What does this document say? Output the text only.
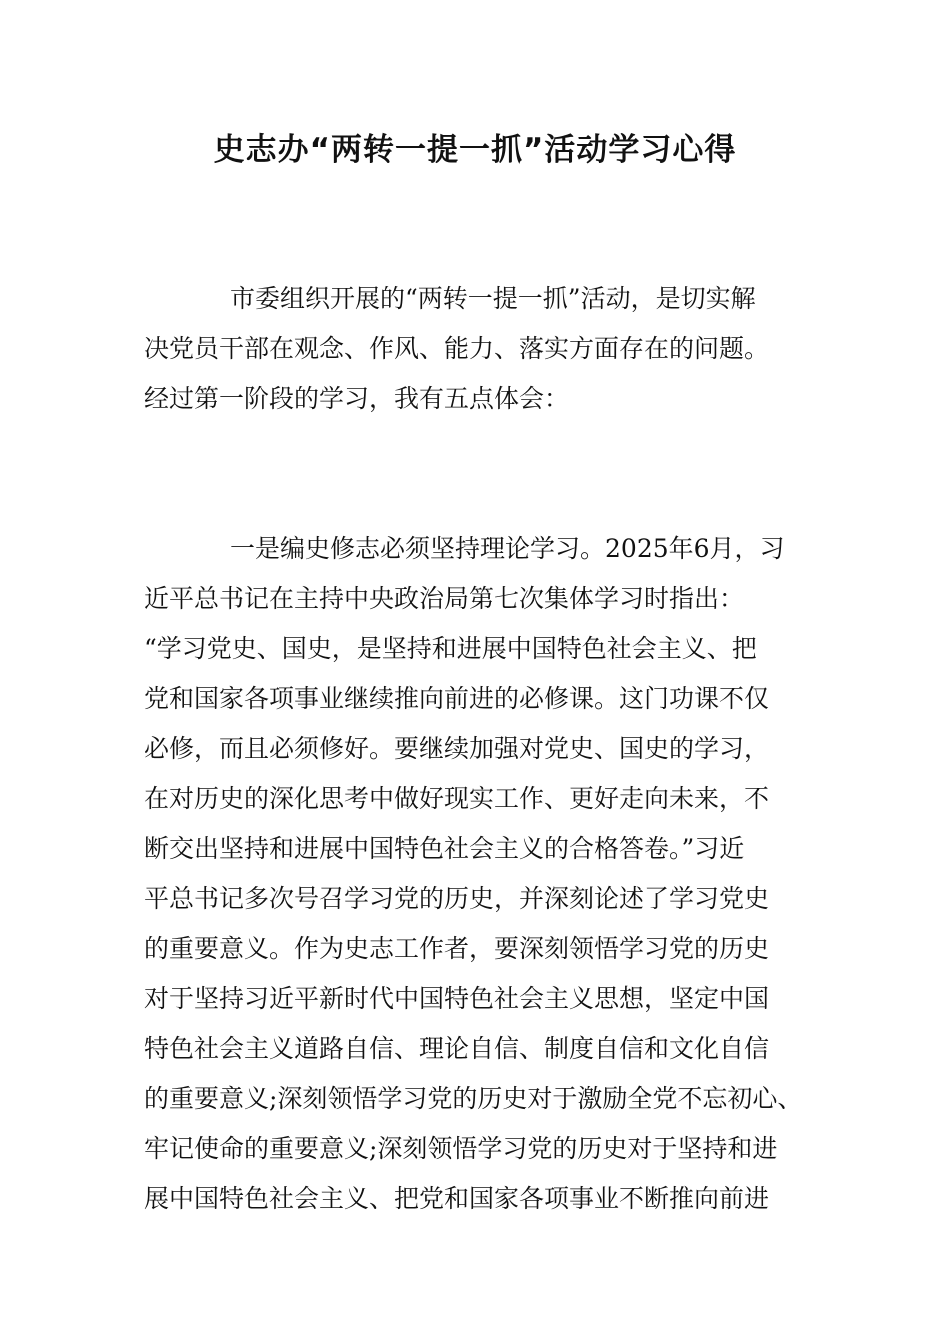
史志办“两转一提一抓”活动学习心得
市委组织开展的“两转一提一抓”活动，是切实解
决党员干部在观念、作风、能力、落实方面存在的问题。
经过第一阶段的学习，我有五点体会：
一是编史修志必须坚持理论学习。2025年6月，习
近平总书记在主持中央政治局第七次集体学习时指出：
“学习党史、国史，是坚持和进展中国特色社会主义、把
党和国家各项事业继续推向前进的必修课。这门功课不仅
必修，而且必须修好。要继续加强对党史、国史的学习，
在对历史的深化思考中做好现实工作、更好走向未来，不
断交出坚持和进展中国特色社会主义的合格答卷。”习近
平总书记多次号召学习党的历史，并深刻论述了学习党史
的重要意义。作为史志工作者，要深刻领悟学习党的历史
对于坚持习近平新时代中国特色社会主义思想，坚定中国
特色社会主义道路自信、理论自信、制度自信和文化自信
的重要意义;深刻领悟学习党的历史对于激励全党不忘初心、
牢记使命的重要意义;深刻领悟学习党的历史对于坚持和进
展中国特色社会主义、把党和国家各项事业不断推向前进
